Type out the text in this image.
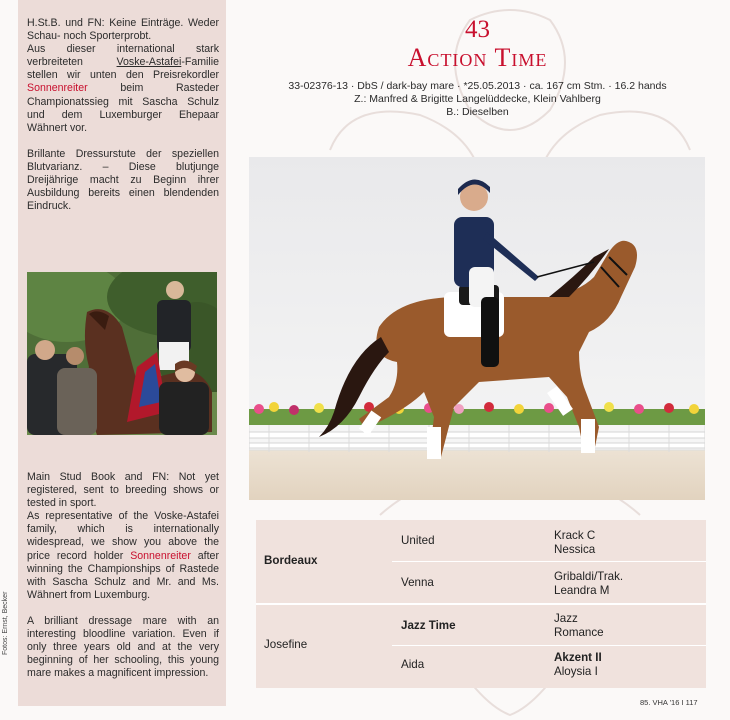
H.St.B. und FN: Keine Einträge. Weder Schau- noch Sporterprobt.

Aus dieser international stark verbreiteten Voske-Astafei-Familie stellen wir unten den Preisrekordler Sonnenreiter beim Rasteder Championatssieg mit Sascha Schulz und dem Luxemburger Ehepaar Wähnert vor.

Brillante Dressurstute der speziellen Blutvarianz. – Diese blutjunge Dreijährige macht zu Beginn ihrer Ausbildung bereits einen blendenden Eindruck.

Main Stud Book and FN: Not yet registered, sent to breeding shows or tested in sport.

As representative of the Voske-Astafei family, which is internationally widespread, we show you above the price record holder Sonnenreiter after winning the Championships of Rastede with Sascha Schulz and Mr. and Ms. Wähnert from Luxemburg.

A brilliant dressage mare with an interesting bloodline variation. Even if only three years old and at the very beginning of her schooling, this young mare makes a magnificent impression.

Fotos: Ernst, Becker
43
Action Time
33-02376-13 · DbS / dark-bay mare · *25.05.2013 · ca. 167 cm Stm. · 16.2 hands
Z.: Manfred & Brigitte Langelüddecke, Klein Vahlberg
B.: Dieselben
Bordeaux
Josefine
United
Venna
Jazz Time
Aida
Krack C
Nessica
Gribaldi/Trak.
Leandra M
Jazz
Romance
Akzent II
Aloysia I
85. VHA '16 I 117
